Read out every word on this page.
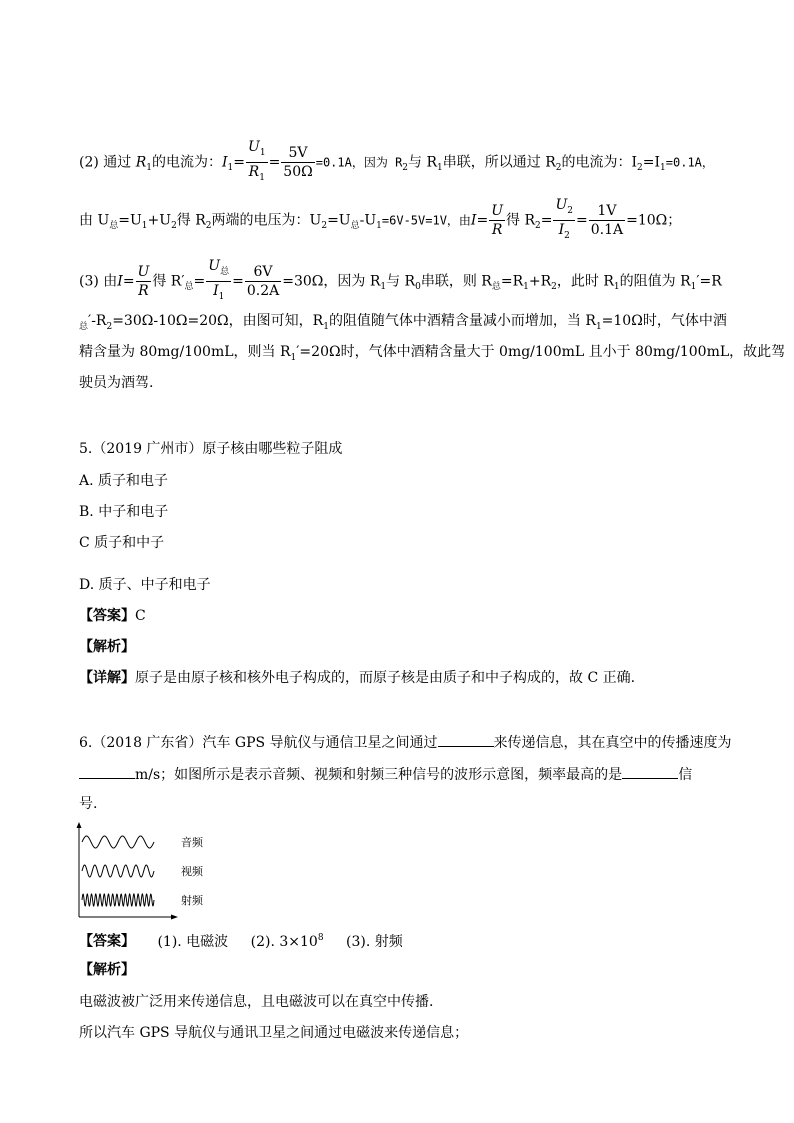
(2) 通过 $R_1$的电流为：$I_1= \frac{U_1}{R_1} = \frac{5V}{50\Omega} =0.1A$，因为 $R_2$与 $R_1$串联，所以通过 $R_2$的电流为：$I_2=I_1=0.1A$，
由 $U_总=U_1+U_2$得 $R_2$两端的电压为：$U_2=U_总-U_1=6V-5V=1V$，由$I= \frac{U}{R}$ 得 $R_2= \frac{U_2}{I_2} = \frac{1V}{0.1A} =10\Omega$；
(3) 由$I= \frac{U}{R}$ 得 $R'_总= \frac{U_总}{I_1} = \frac{6V}{0.2A} =30\Omega$，因为 $R_1$与 $R_0$串联，则 $R_总=R_1+R_2$，此时 $R_1$的阻值为 $R_1'=R$
$_总'-R_2=30\Omega-10\Omega=20\Omega$，由图可知，$R_1$的阻值随气体中酒精含量减小而增加，当 $R_1=10\Omega$时，气体中酒
精含量为 80mg/100mL，则当 $R_1'=20\Omega$时，气体中酒精含量大于 0mg/100mL 且小于 80mg/100mL，故此驾
驶员为酒驾.
5.（2019 广州市）原子核由哪些粒子阻成
A. 质子和电子
B. 中子和电子
C 质子和中子
D. 质子、中子和电子
【答案】C
【解析】
【详解】原子是由原子核和核外电子构成的，而原子核是由质子和中子构成的，故 C 正确.
6.（2018 广东省）汽车 GPS 导航仪与通信卫星之间通过	来传递信息，其在真空中的传播速度为
m/s；如图所示是表示音频、视频和射频三种信号的波形示意图，频率最高的是	信
号.
音频
视频
射频
【答案】 (1). 电磁波 (2). $3\times 10^8$ (3). 射频
【解析】
电磁波被广泛用来传递信息，且电磁波可以在真空中传播.
所以汽车 GPS 导航仪与通讯卫星之间通过电磁波来传递信息；
